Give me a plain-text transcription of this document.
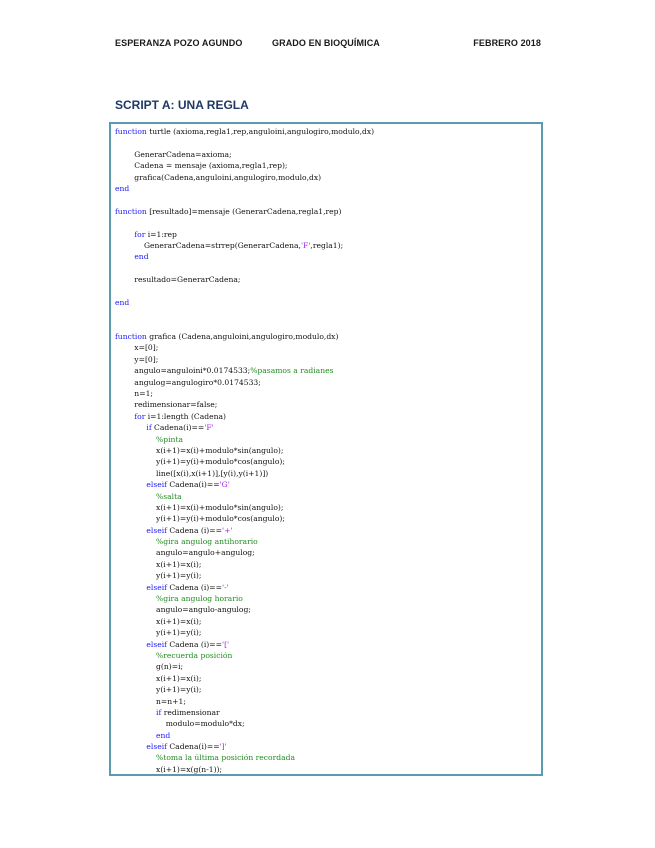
ESPERANZA POZO AGUNDO	GRADO EN BIOQUÍMICA	FEBRERO 2018
SCRIPT A: UNA REGLA
function turtle (axioma,regla1,rep,anguloini,angulogiro,modulo,dx)

GenerarCadena=axioma;
Cadena = mensaje (axioma,regla1,rep);
grafica(Cadena,anguloini,angulogiro,modulo,dx)
end

function [resultado]=mensaje (GenerarCadena,regla1,rep)

for i=1:rep
GenerarCadena=strrep(GenerarCadena,'F',regla1);
end

resultado=GenerarCadena;

end

function grafica (Cadena,anguloini,angulogiro,modulo,dx)
x=[0];
y=[0];
angulo=anguloini*0.0174533;%pasamos a radianes
angulog=angulogiro*0.0174533;
n=1;
redimensionar=false;
for i=1:length (Cadena)
if Cadena(i)=='F'
%pinta
x(i+1)=x(i)+modulo*sin(angulo);
y(i+1)=y(i)+modulo*cos(angulo);
line([x(i),x(i+1)],[y(i),y(i+1)])
elseif Cadena(i)=='G'
%salta
x(i+1)=x(i)+modulo*sin(angulo);
y(i+1)=y(i)+modulo*cos(angulo);
elseif Cadena (i)=='+'
%gira angulog antihorario
angulo=angulo+angulog;
x(i+1)=x(i);
y(i+1)=y(i);
elseif Cadena (i)=='-'
%gira angulog horario
angulo=angulo-angulog;
x(i+1)=x(i);
y(i+1)=y(i);
elseif Cadena (i)=='['
%recuerda posición
g(n)=i;
x(i+1)=x(i);
y(i+1)=y(i);
n=n+1;
if redimensionar
modulo=modulo*dx;
end
elseif Cadena(i)==']'
%toma la última posición recordada
x(i+1)=x(g(n-1));
